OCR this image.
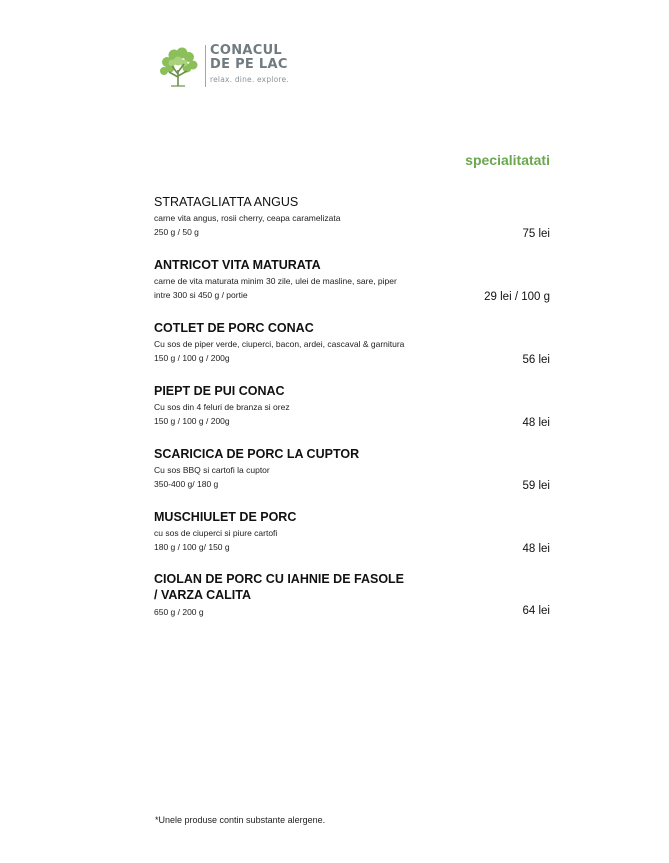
CONACUL
DE PE LAC
relax. dine. explore.
specialitatati
STRATAGLIATTA ANGUS
carne vita angus, rosii cherry, ceapa caramelizata
250 g / 50 g	75 lei
ANTRICOT VITA MATURATA
carne de vita maturata minim 30 zile, ulei de masline, sare, piper
intre 300 si 450 g / portie	29 lei / 100 g
COTLET DE PORC CONAC
Cu sos de piper verde, ciuperci, bacon, ardei, cascaval & garnitura
150 g / 100 g / 200g	56 lei
PIEPT DE PUI CONAC
Cu sos din 4 feluri de branza si orez
150 g / 100 g / 200g	48 lei
SCARICICA DE PORC LA CUPTOR
Cu sos BBQ si cartofi la cuptor
350-400 g/ 180 g	59 lei
MUSCHIULET DE PORC
cu sos de ciuperci si piure cartofi
180 g / 100 g/ 150 g	48 lei
CIOLAN DE PORC CU IAHNIE DE FASOLE
/ VARZA CALITA
650 g / 200 g	64 lei
*Unele produse contin substante alergene.
